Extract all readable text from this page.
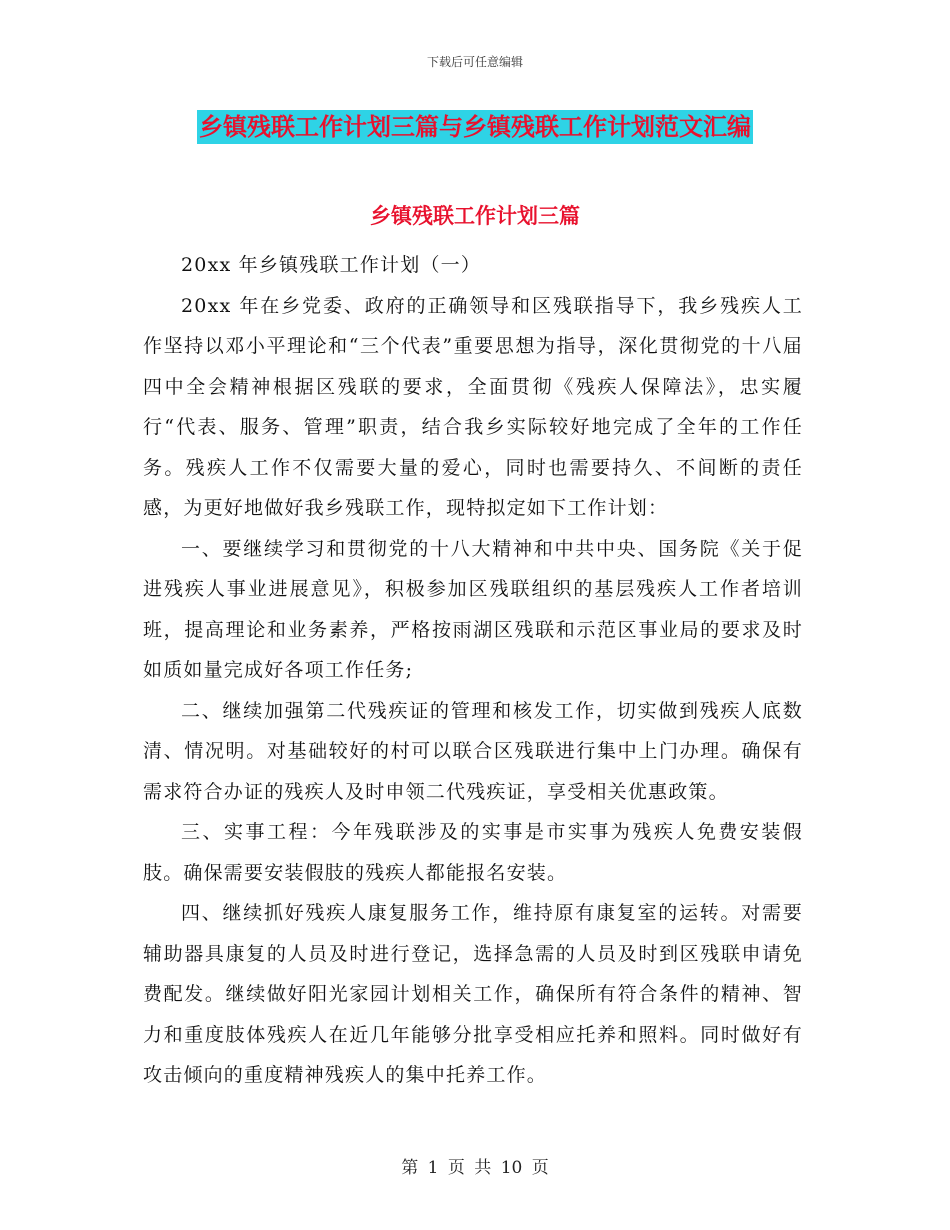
下载后可任意编辑
乡镇残联工作计划三篇与乡镇残联工作计划范文汇编
乡镇残联工作计划三篇

20xx 年乡镇残联工作计划（一）

20xx 年在乡党委、政府的正确领导和区残联指导下，我乡残疾人工作坚持以邓小平理论和“三个代表”重要思想为指导，深化贯彻党的十八届四中全会精神根据区残联的要求，全面贯彻《残疾人保障法》，忠实履行“代表、服务、管理”职责，结合我乡实际较好地完成了全年的工作任务。残疾人工作不仅需要大量的爱心，同时也需要持久、不间断的责任感，为更好地做好我乡残联工作，现特拟定如下工作计划：

一、要继续学习和贯彻党的十八大精神和中共中央、国务院《关于促进残疾人事业进展意见》，积极参加区残联组织的基层残疾人工作者培训班，提高理论和业务素养，严格按雨湖区残联和示范区事业局的要求及时如质如量完成好各项工作任务;

二、继续加强第二代残疾证的管理和核发工作，切实做到残疾人底数清、情况明。对基础较好的村可以联合区残联进行集中上门办理。确保有需求符合办证的残疾人及时申领二代残疾证，享受相关优惠政策。

三、实事工程：今年残联涉及的实事是市实事为残疾人免费安装假肢。确保需要安装假肢的残疾人都能报名安装。

四、继续抓好残疾人康复服务工作，维持原有康复室的运转。对需要辅助器具康复的人员及时进行登记，选择急需的人员及时到区残联申请免费配发。继续做好阳光家园计划相关工作，确保所有符合条件的精神、智力和重度肢体残疾人在近几年能够分批享受相应托养和照料。同时做好有攻击倾向的重度精神残疾人的集中托养工作。

第 1 页 共 10 页
